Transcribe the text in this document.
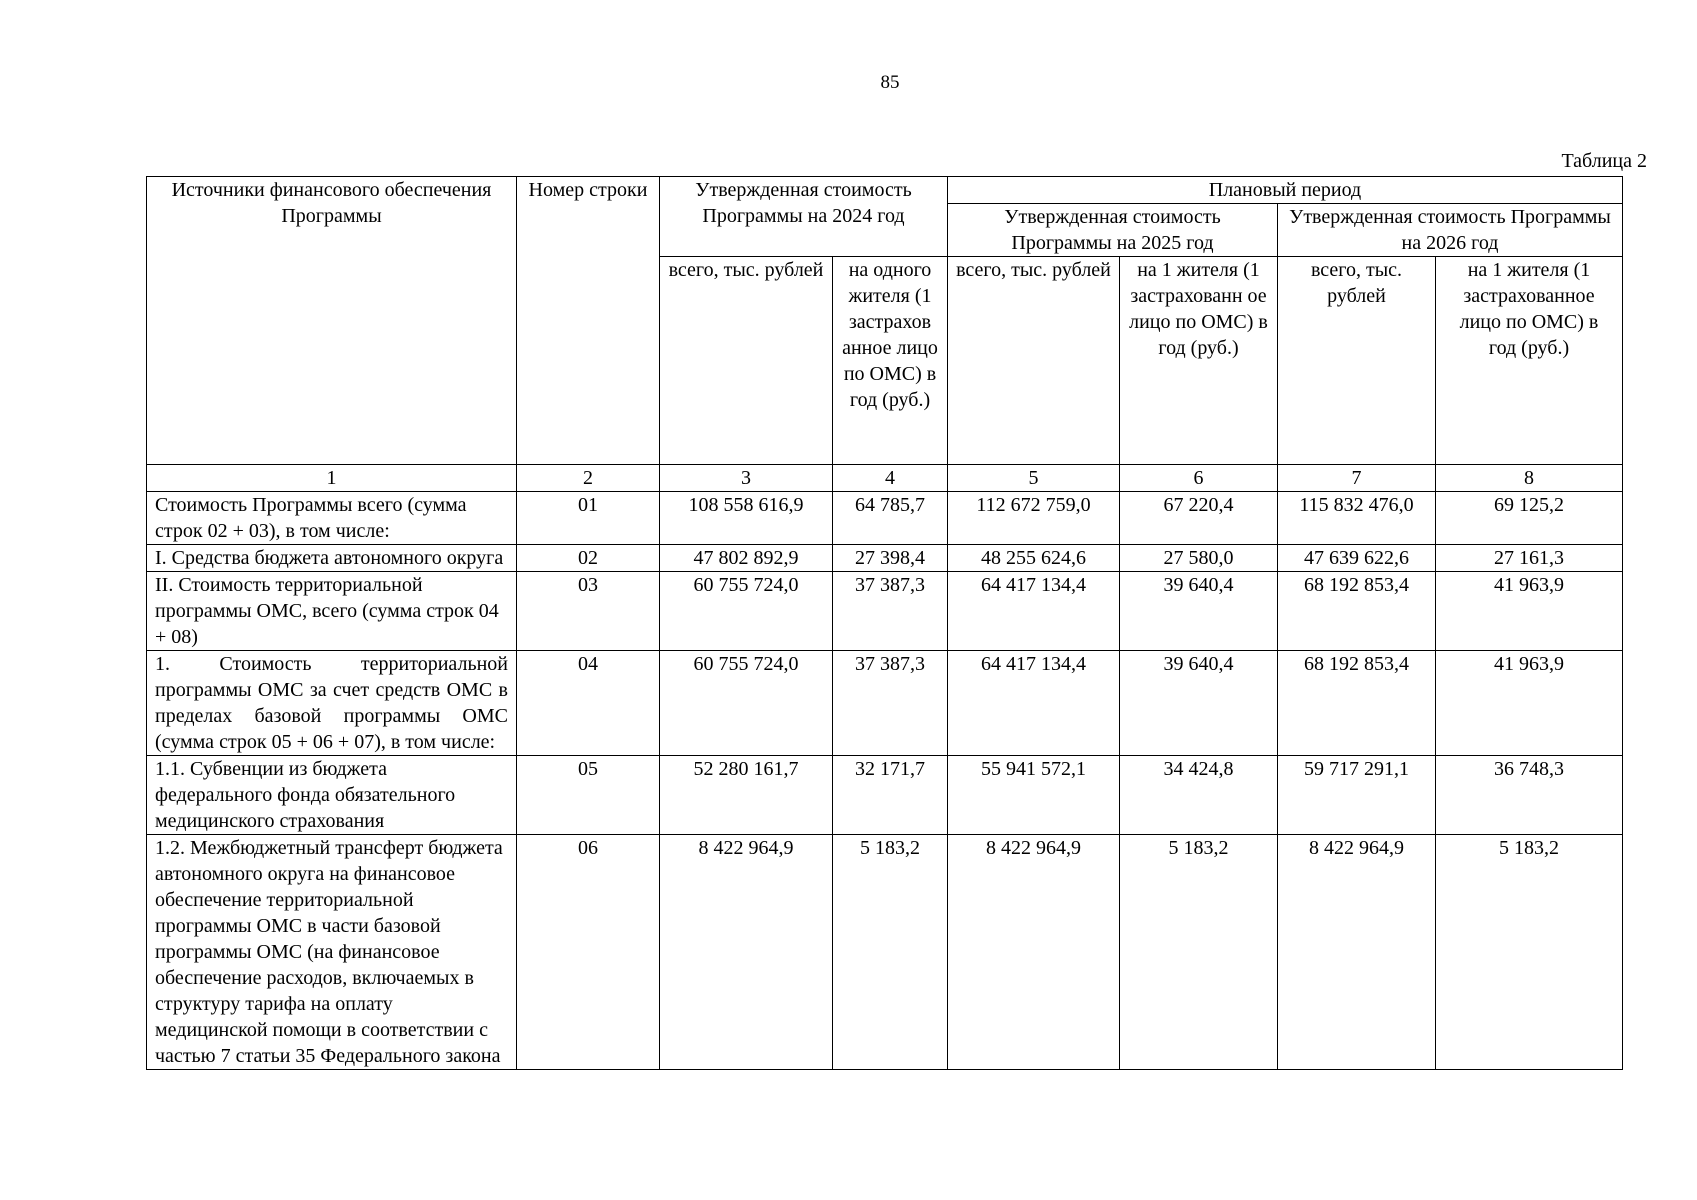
85
Таблица 2
Источники финансового обеспечения Программы	Номер строки	Утвержденная стоимость Программы на 2024 год		Плановый период			
				Утвержденная стоимость Программы на 2025 год		Утвержденная стоимость Программы на 2026 год	
		всего, тыс. рублей	на одного жителя (1 застрахов анное лицо по ОМС) в год (руб.)	всего, тыс. рублей	на 1 жителя (1 застрахованн ое лицо по ОМС) в год (руб.)	всего, тыс. рублей	на 1 жителя (1 застрахованное лицо по ОМС) в год (руб.)
1	2	3	4	5	6	7	8
Стоимость Программы всего (сумма строк 02 + 03), в том числе:	01	108 558 616,9	64 785,7	112 672 759,0	67 220,4	115 832 476,0	69 125,2
I. Средства бюджета автономного округа	02	47 802 892,9	27 398,4	48 255 624,6	27 580,0	47 639 622,6	27 161,3
II. Стоимость территориальной программы ОМС, всего (сумма строк 04 + 08)	03	60 755 724,0	37 387,3	64 417 134,4	39 640,4	68 192 853,4	41 963,9
1. Стоимость территориальной программы ОМС за счет средств ОМС в пределах базовой программы ОМС (сумма строк 05 + 06 + 07), в том числе:	04	60 755 724,0	37 387,3	64 417 134,4	39 640,4	68 192 853,4	41 963,9
1.1. Субвенции из бюджета федерального фонда обязательного медицинского страхования	05	52 280 161,7	32 171,7	55 941 572,1	34 424,8	59 717 291,1	36 748,3
1.2. Межбюджетный трансферт бюджета автономного округа на финансовое обеспечение территориальной программы ОМС в части базовой программы ОМС (на финансовое обеспечение расходов, включаемых в структуру тарифа на оплату медицинской помощи в соответствии с частью 7 статьи 35 Федерального закона	06	8 422 964,9	5 183,2	8 422 964,9	5 183,2	8 422 964,9	5 183,2
